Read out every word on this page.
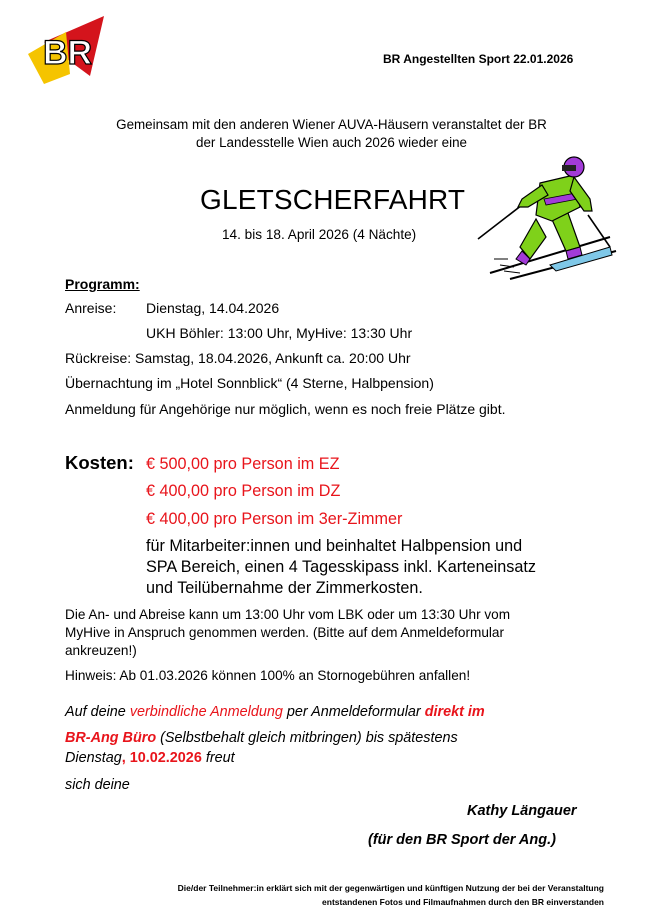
BR	BR Angestellten Sport 22.01.2026
Gemeinsam mit den anderen Wiener AUVA-Häusern veranstaltet der BR
der Landesstelle Wien auch 2026 wieder eine
GLETSCHERFAHRT
14. bis 18. April 2026 (4 Nächte)
Programm:
Anreise: Dienstag, 14.04.2026
UKH Böhler: 13:00 Uhr, MyHive: 13:30 Uhr
Rückreise: Samstag, 18.04.2026, Ankunft ca. 20:00 Uhr
Übernachtung im „Hotel Sonnblick“ (4 Sterne, Halbpension)
Anmeldung für Angehörige nur möglich, wenn es noch freie Plätze gibt.
Kosten: € 500,00 pro Person im EZ
€ 400,00 pro Person im DZ
€ 400,00 pro Person im 3er-Zimmer
für Mitarbeiter:innen und beinhaltet Halbpension und
SPA Bereich, einen 4 Tagesskipass inkl. Karteneinsatz
und Teilübernahme der Zimmerkosten.
Die An- und Abreise kann um 13:00 Uhr vom LBK oder um 13:30 Uhr vom
MyHive in Anspruch genommen werden. (Bitte auf dem Anmeldeformular
ankreuzen!)
Hinweis: Ab 01.03.2026 können 100% an Stornogebühren anfallen!
Auf deine verbindliche Anmeldung per Anmeldeformular direkt im
BR-Ang Büro (Selbstbehalt gleich mitbringen) bis spätestens
Dienstag, 10.02.2026 freut
sich deine
Kathy Längauer
(für den BR Sport der Ang.)
Die/der Teilnehmer:in erklärt sich mit der gegenwärtigen und künftigen Nutzung der bei der Veranstaltung
entstandenen Fotos und Filmaufnahmen durch den BR einverstanden
